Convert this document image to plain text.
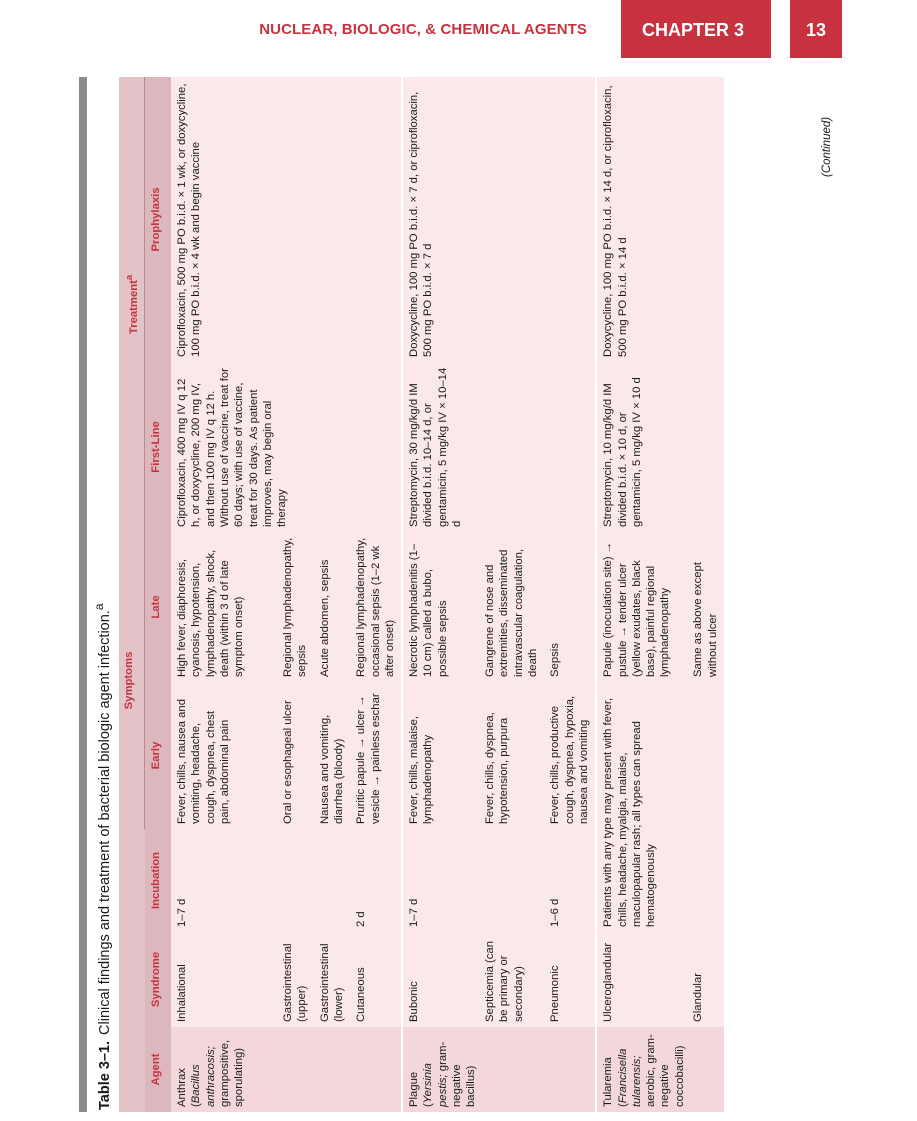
NUCLEAR, BIOLOGIC, & CHEMICAL AGENTS	CHAPTER 3	13
Table 3–1.Clinical findings and treatment of bacterial biologic agent infection.$^a$
			Symptoms		Treatment$^a$
Agent	Syndrome	Incubation	Early	Late	First-Line	Prophylaxis
Anthrax (Bacillus anthracosis; grampositive, sporulating)	Inhalational	1–7 d	Fever, chills, nausea and vomiting, headache, cough, dyspnea, chest pain, abdominal pain	High fever, diaphoresis, cyanosis, hypotension, lymphadenopathy, shock, death (within 3 d of late symptom onset)	Ciprofloxacin, 400 mg IV q 12 h, or doxycycline, 200 mg IV, and then 100 mg IV q 12 h. Without use of vaccine, treat for 60 days; with use of vaccine, treat for 30 days. As patient improves, may begin oral therapy	Ciprofloxacin, 500 mg PO b.i.d. × 1 wk, or doxycycline, 100 mg PO b.i.d. × 4 wk and begin vaccine
	Gastrointestinal (upper)		Oral or esophageal ulcer	Regional lymphadenopathy, sepsis		
	Gastrointestinal (lower)		Nausea and vomiting, diarrhea (bloody)	Acute abdomen, sepsis		
	Cutaneous	2 d	Pruritic papule → ulcer → vesicle → painless eschar	Regional lymphadenopathy, occasional sepsis (1–2 wk after onset)		
Plague (Yersinia pestis; gram-negative bacillus)	Bubonic	1–7 d	Fever, chills, malaise, lymphadenopathy	Necrotic lymphadenitis (1–10 cm) called a bubo, possible sepsis	Streptomycin, 30 mg/kg/d IM divided b.i.d. 10–14 d, or gentamicin, 5 mg/kg IV × 10–14 d	Doxycycline, 100 mg PO b.i.d. × 7 d, or ciprofloxacin, 500 mg PO b.i.d. × 7 d
	Septicemia (can be primary or secondary)		Fever, chills, dyspnea, hypotension, purpura	Gangrene of nose and extremities, disseminated intravascular coagulation, death		
	Pneumonic	1–6 d	Fever, chills, productive cough, dyspnea, hypoxia, nausea and vomiting	Sepsis		
Tularemia (Francisella tularensis; aerobic, gram-negative coccobacilli)	Ulceroglandular	Patients with any type may present with fever, chills, headache, myalgia, malaise, maculopapular rash; all types can spread hematogenously		Papule (inoculation site) → pustule → tender ulcer (yellow exudates, black base), painful regional lymphadenopathy	Streptomycin, 10 mg/kg/d IM divided b.i.d. × 10 d, or gentamicin, 5 mg/kg IV × 10 d	Doxycycline, 100 mg PO b.i.d. × 14 d, or ciprofloxacin, 500 mg PO b.i.d. × 14 d
	Glandular			Same as above except without ulcer		
(Continued)
